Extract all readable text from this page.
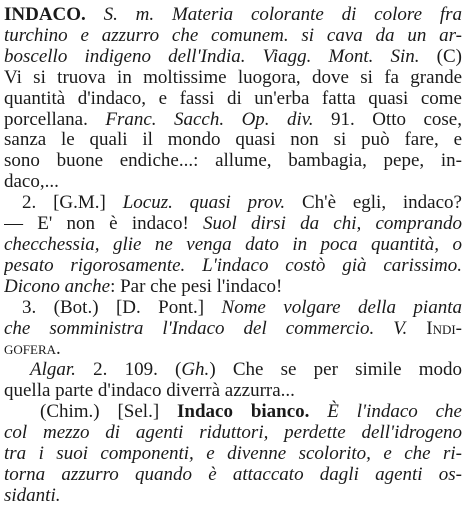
INDACO. S. m. Materia colorante di colore fra
turchino e azzurro che comunem. si cava da un ar-
boscello indigeno dell'India. Viagg. Mont. Sin. (C)
Vi si truova in moltissime luogora, dove si fa grande
quantità d'indaco, e fassi di un'erba fatta quasi come
porcellana. Franc. Sacch. Op. div. 91. Otto cose,
sanza le quali il mondo quasi non si può fare, e
sono buone endiche...: allume, bambagia, pepe, in-
daco,...
2. [G.M.] Locuz. quasi prov. Ch'è egli, indaco?
— E' non è indaco! Suol dirsi da chi, comprando
checchessia, glie ne venga dato in poca quantità, o
pesato rigorosamente. L'indaco costò già carissimo.
Dicono anche: Par che pesi l'indaco!
3. (Bot.) [D. Pont.] Nome volgare della pianta
che somministra l'Indaco del commercio. V. Indi-
gofera.
Algar. 2. 109. (Gh.) Che se per simile modo
quella parte d'indaco diverrà azzurra...
(Chim.) [Sel.] Indaco bianco. È l'indaco che
col mezzo di agenti riduttori, perdette dell'idrogeno
tra i suoi componenti, e divenne scolorito, e che ri-
torna azzurro quando è attaccato dagli agenti os-
sidanti.
